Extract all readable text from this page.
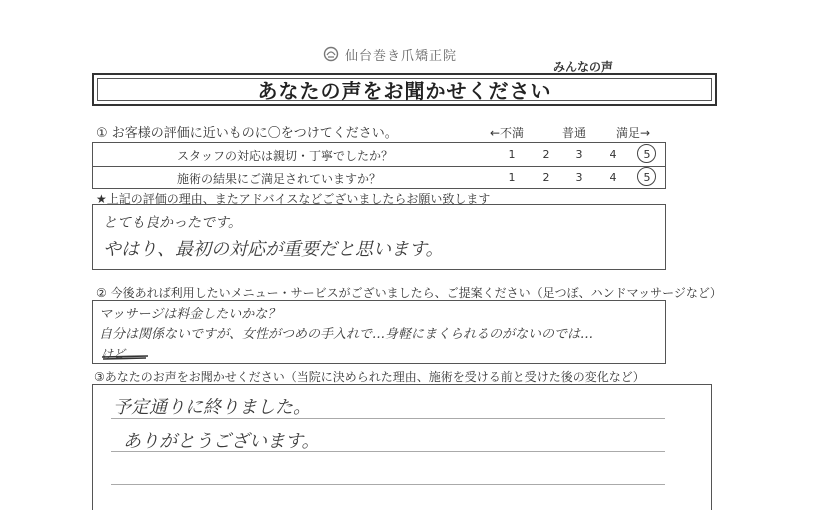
仙台巻き爪矯正院
みんなの声
あなたの声をお聞かせください
① お客様の評価に近いものに〇をつけてください。	←不満	普通 満足→
スタッフの対応は親切・丁寧でしたか？	1	2	3	4	5
施術の結果にご満足されていますか？	1	2	3	4	5
★上記の評価の理由、またアドバイスなどございましたらお願い致します
とても良かったです。
やはり、最初の対応が重要だと思います。
② 今後あれば利用したいメニュー・サービスがございましたら、ご提案ください（足つぼ、ハンドマッサージなど）
マッサージは料金したいかな？
自分は関係ないですが、女性がつめの手入れで…身軽にまくられるのがないのでは…
けど
③あなたのお声をお聞かせください（当院に決められた理由、施術を受ける前と受けた後の変化など）
予定通りに終りました。
ありがとうございます。
